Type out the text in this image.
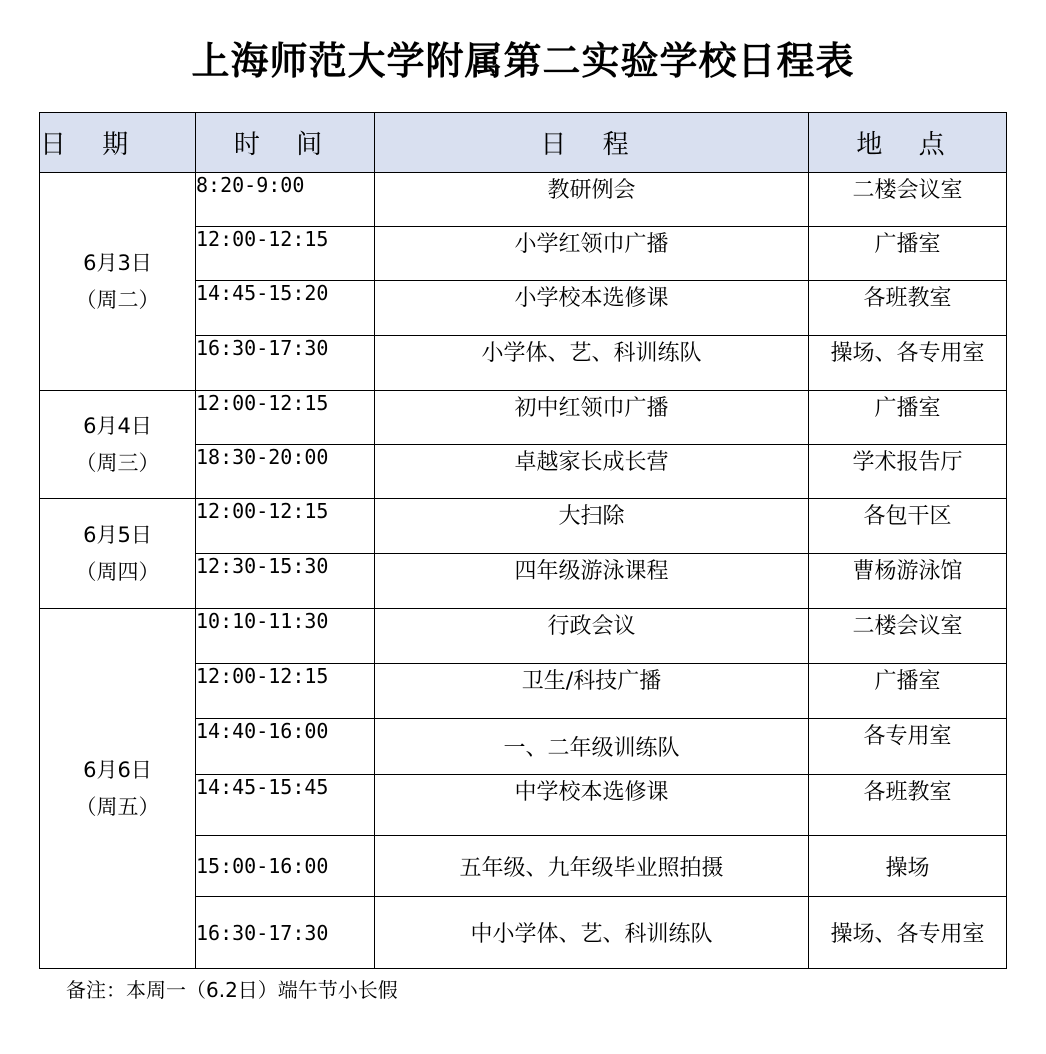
上海师范大学附属第二实验学校日程表
日 期	时 间	日 程	地 点

6月3日
（周二）	8:20-9:00	教研例会	二楼会议室
	12:00-12:15	小学红领巾广播	广播室
	14:45-15:20	小学校本选修课	各班教室
	16:30-17:30	小学体、艺、科训练队	操场、各专用室

6月4日
（周三）	12:00-12:15	初中红领巾广播	广播室
	18:30-20:00	卓越家长成长营	学术报告厅

6月5日
（周四）	12:00-12:15	大扫除	各包干区
	12:30-15:30	四年级游泳课程	曹杨游泳馆

6月6日
（周五）	10:10-11:30	行政会议	二楼会议室
	12:00-12:15	卫生/科技广播	广播室
	14:40-16:00	一、二年级训练队	各专用室
	14:45-15:45	中学校本选修课	各班教室
	15:00-16:00	五年级、九年级毕业照拍摄	操场
	16:30-17:30	中小学体、艺、科训练队	操场、各专用室
备注：本周一（6.2日）端午节小长假
